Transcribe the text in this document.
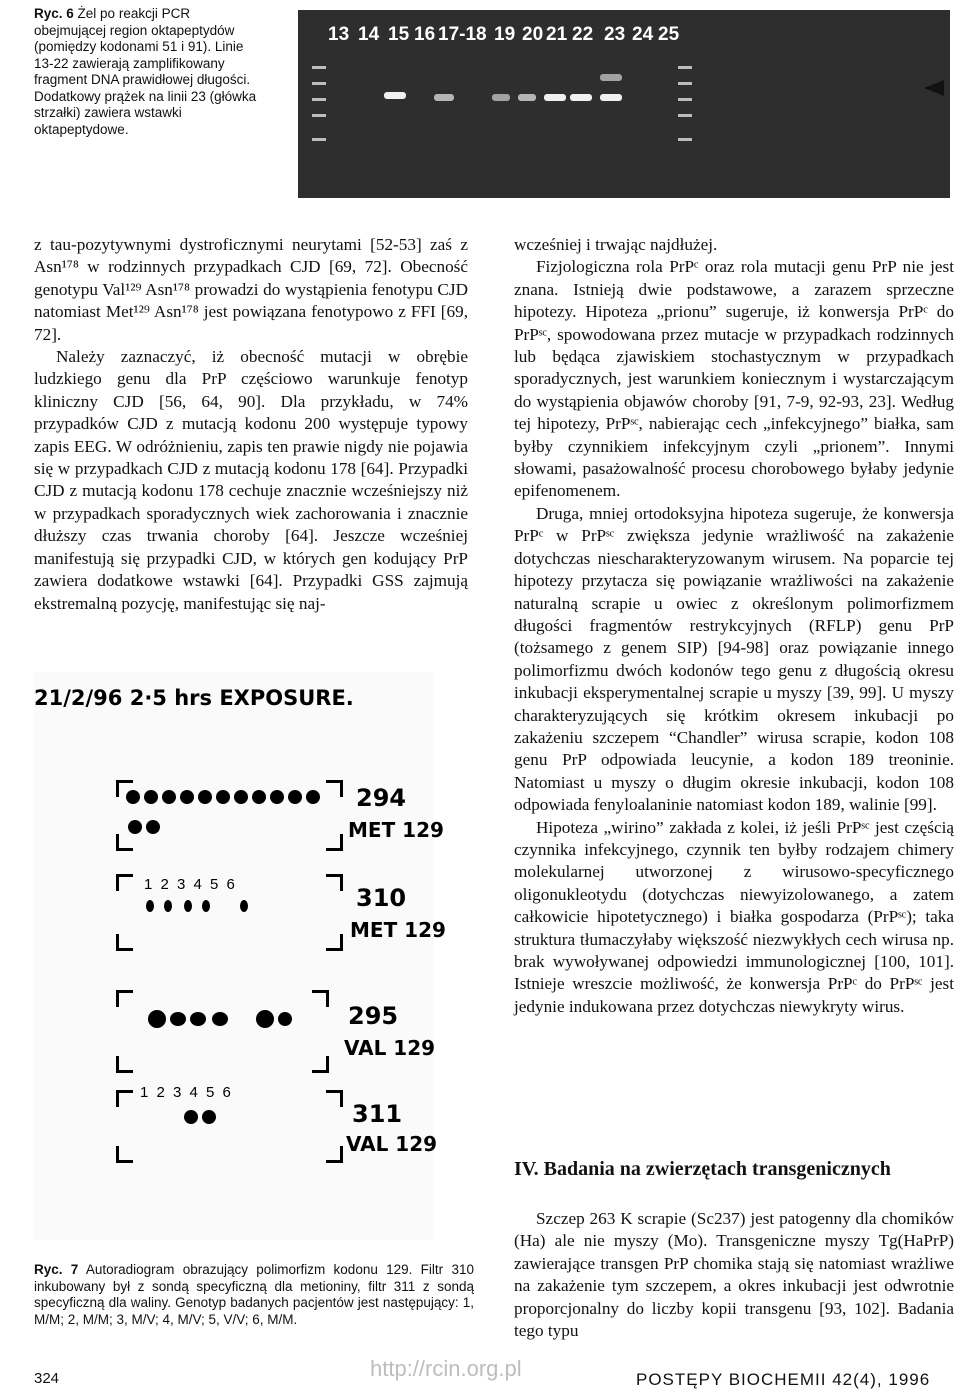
Ryc. 6 Żel po reakcji PCR obejmującej region oktapeptydów (pomiędzy kodonami 51 i 91). Linie 13-22 zawierają zamplifikowany fragment DNA prawidłowej długości. Dodatkowy prążek na linii 23 (główka strzałki) zawiera wstawki oktapeptydowe.
13 14 15 16 17-18 19 20 21 22 23 24 25

z tau-pozytywnymi dystroficznymi neurytami [52-53] zaś z Asn¹⁷⁸ w rodzinnych przypadkach CJD [69, 72]. Obecność genotypu Val¹²⁹ Asn¹⁷⁸ prowadzi do wystąpienia fenotypu CJD natomiast Met¹²⁹ Asn¹⁷⁸ jest powiązana fenotypowo z FFI [69, 72].

Należy zaznaczyć, iż obecność mutacji w obrębie ludzkiego genu dla PrP częściowo warunkuje fenotyp kliniczny CJD [56, 64, 90]. Dla przykładu, w 74% przypadków CJD z mutacją kodonu 200 występuje typowy zapis EEG. W odróżnieniu, zapis ten prawie nigdy nie pojawia się w przypadkach CJD z mutacją kodonu 178 [64]. Przypadki CJD z mutacją kodonu 178 cechuje znacznie wcześniejszy niż w przypadkach sporadycznych wiek zachorowania i znacznie dłuższy czas trwania choroby [64]. Jeszcze wcześniej manifestują się przypadki CJD, w których gen kodujący PrP zawiera dodatkowe wstawki [64]. Przypadki GSS zajmują ekstremalną pozycję, manifestując się naj-

wcześniej i trwając najdłużej.

Fizjologiczna rola PrPᶜ oraz rola mutacji genu PrP nie jest znana. Istnieją dwie podstawowe, a zarazem sprzeczne hipotezy. Hipoteza „prionu” sugeruje, iż konwersja PrPᶜ do PrPˢᶜ, spowodowana przez mutacje w przypadkach rodzinnych lub będąca zjawiskiem stochastycznym w przypadkach sporadycznych, jest warunkiem koniecznym i wystarczającym do wystąpienia objawów choroby [91, 7-9, 92-93, 23]. Według tej hipotezy, PrPˢᶜ, nabierając cech „infekcyjnego” białka, sam byłby czynnikiem infekcyjnym czyli „prionem”. Innymi słowami, pasażowalność procesu chorobowego byłaby jedynie epifenomenem.

Druga, mniej ortodoksyjna hipoteza sugeruje, że konwersja PrPᶜ w PrPˢᶜ zwiększa jedynie wrażliwość na zakażenie dotychczas niescharakteryzowanym wirusem. Na poparcie tej hipotezy przytacza się powiązanie wrażliwości na zakażenie naturalną scrapie u owiec z określonym polimorfizmem długości fragmentów restrykcyjnych (RFLP) genu PrP (tożsamego z genem SIP) [94-98] oraz powiązanie innego polimorfizmu dwóch kodonów tego genu z długością okresu inkubacji eksperymentalnej scrapie u myszy [39, 99]. U myszy charakteryzujących się krótkim okresem inkubacji po zakażeniu szczepem “Chandler” wirusa scrapie, kodon 108 genu PrP odpowiada leucynie, a kodon 189 treoninie. Natomiast u myszy o długim okresie inkubacji, kodon 108 odpowiada fenyloalaninie natomiast kodon 189, walinie [99].

Hipoteza „wirino” zakłada z kolei, iż jeśli PrPˢᶜ jest częścią czynnika infekcyjnego, czynnik ten byłby rodzajem chimery molekularnej utworzonej z wirusowo-specyficznego oligonukleotydu (dotychczas niewyizolowanego, a zatem całkowicie hipotetycznego) i białka gospodarza (PrPˢᶜ); taka struktura tłumaczyłaby większość niezwykłych cech wirusa np. brak wywoływanej odpowiedzi immunologicznej [100, 101]. Istnieje wreszcie możliwość, że konwersja PrPᶜ do PrPˢᶜ jest jedynie indukowana przez dotychczas niewykryty wirus.

IV. Badania na zwierzętach transgenicznych

Szczep 263 K scrapie (Sc237) jest patogenny dla chomików (Ha) ale nie myszy (Mo). Transgeniczne myszy Tg(HaPrP) zawierające transgen PrP chomika stają się natomiast wrażliwe na zakażenie tym szczepem, a okres inkubacji jest odwrotnie proporcjonalny do liczby kopii transgenu [93, 102]. Badania tego typu

21/2/96 2·5 hrs EXPOSURE.
294
MET 129
1 2 3 4 5 6	310
MET 129
295
VAL 129
1 2 3 4 5 6
311
VAL 129
Ryc. 7 Autoradiogram obrazujący polimorfizm kodonu 129. Filtr 310 inkubowany był z sondą specyficzną dla metioniny, filtr 311 z sondą specyficzną dla waliny. Genotyp badanych pacjentów jest następujący: 1, M/M; 2, M/M; 3, M/V; 4, M/V; 5, V/V; 6, M/M.
324	http://rcin.org.pl	POSTĘPY BIOCHEMII 42(4), 1996
